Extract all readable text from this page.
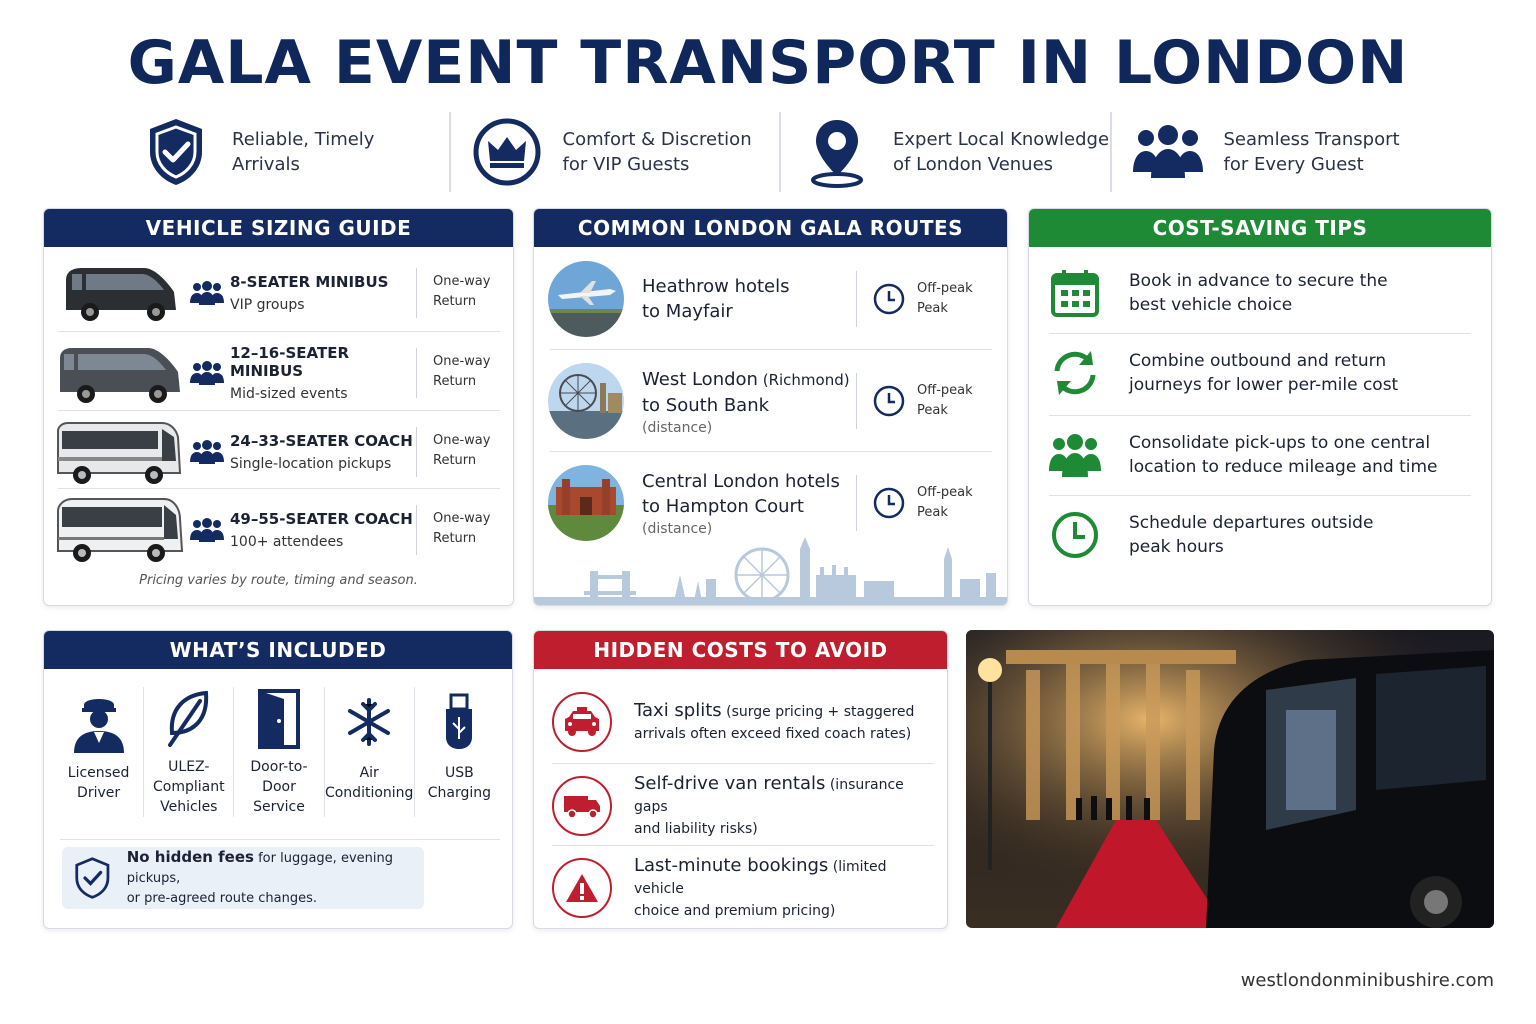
GALA EVENT TRANSPORT IN LONDON
Reliable, Timely
Arrivals
Comfort & Discretion
for VIP Guests
Expert Local Knowledge
of London Venues
Seamless Transport
for Every Guest
VEHICLE SIZING GUIDE
8-SEATER MINIBUS
VIP groups
One-way
Return
12–16-SEATER MINIBUS
Mid-sized events
One-way
Return
24–33-SEATER COACH
Single-location pickups
One-way
Return
49–55-SEATER COACH
100+ attendees
One-way
Return
Pricing varies by route, timing and season.
COMMON LONDON GALA ROUTES
Heathrow hotels
to Mayfair
Off-peak
Peak
West London (Richmond)
to South Bank
(distance)
Off-peak
Peak
Central London hotels
to Hampton Court
(distance)
Off-peak
Peak
COST-SAVING TIPS
Book in advance to secure the
best vehicle choice
Combine outbound and return
journeys for lower per-mile cost
Consolidate pick-ups to one central
location to reduce mileage and time
Schedule departures outside
peak hours
WHAT’S INCLUDED
Licensed
Driver
ULEZ-
Compliant
Vehicles
Door-to-Door
Service
Air
Conditioning
USB
Charging
No hidden fees for luggage, evening pickups,
or pre-agreed route changes.
HIDDEN COSTS TO AVOID
Taxi splits (surge pricing + staggered
arrivals often exceed fixed coach rates)
Self-drive van rentals (insurance gaps
and liability risks)
Last-minute bookings (limited vehicle
choice and premium pricing)
westlondonminibushire.com
